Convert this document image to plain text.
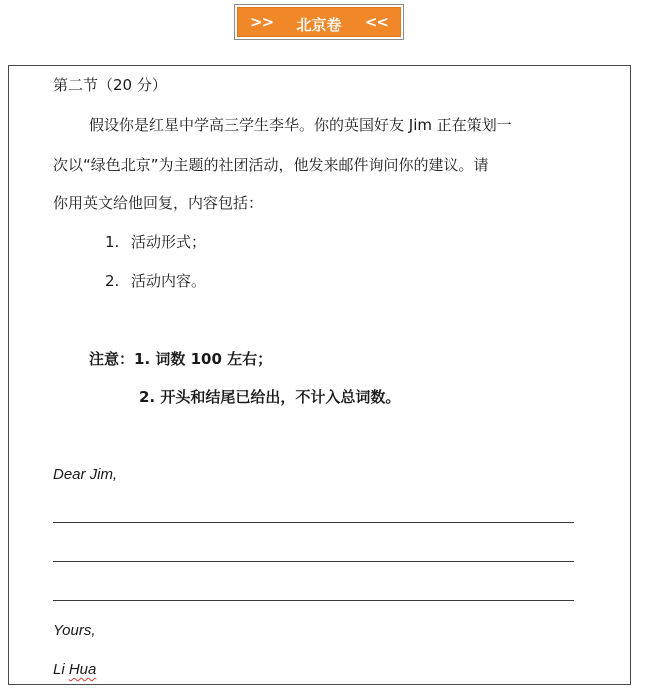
>>	北京卷	<<
第二节（20 分）
假设你是红星中学高三学生李华。你的英国好友 Jim 正在策划一
次以“绿色北京”为主题的社团活动，他发来邮件询问你的建议。请
你用英文给他回复，内容包括：
1. 活动形式；
2. 活动内容。
注意：1. 词数 100 左右；
2. 开头和结尾已给出，不计入总词数。
Dear Jim,
Yours,
Li Hua
